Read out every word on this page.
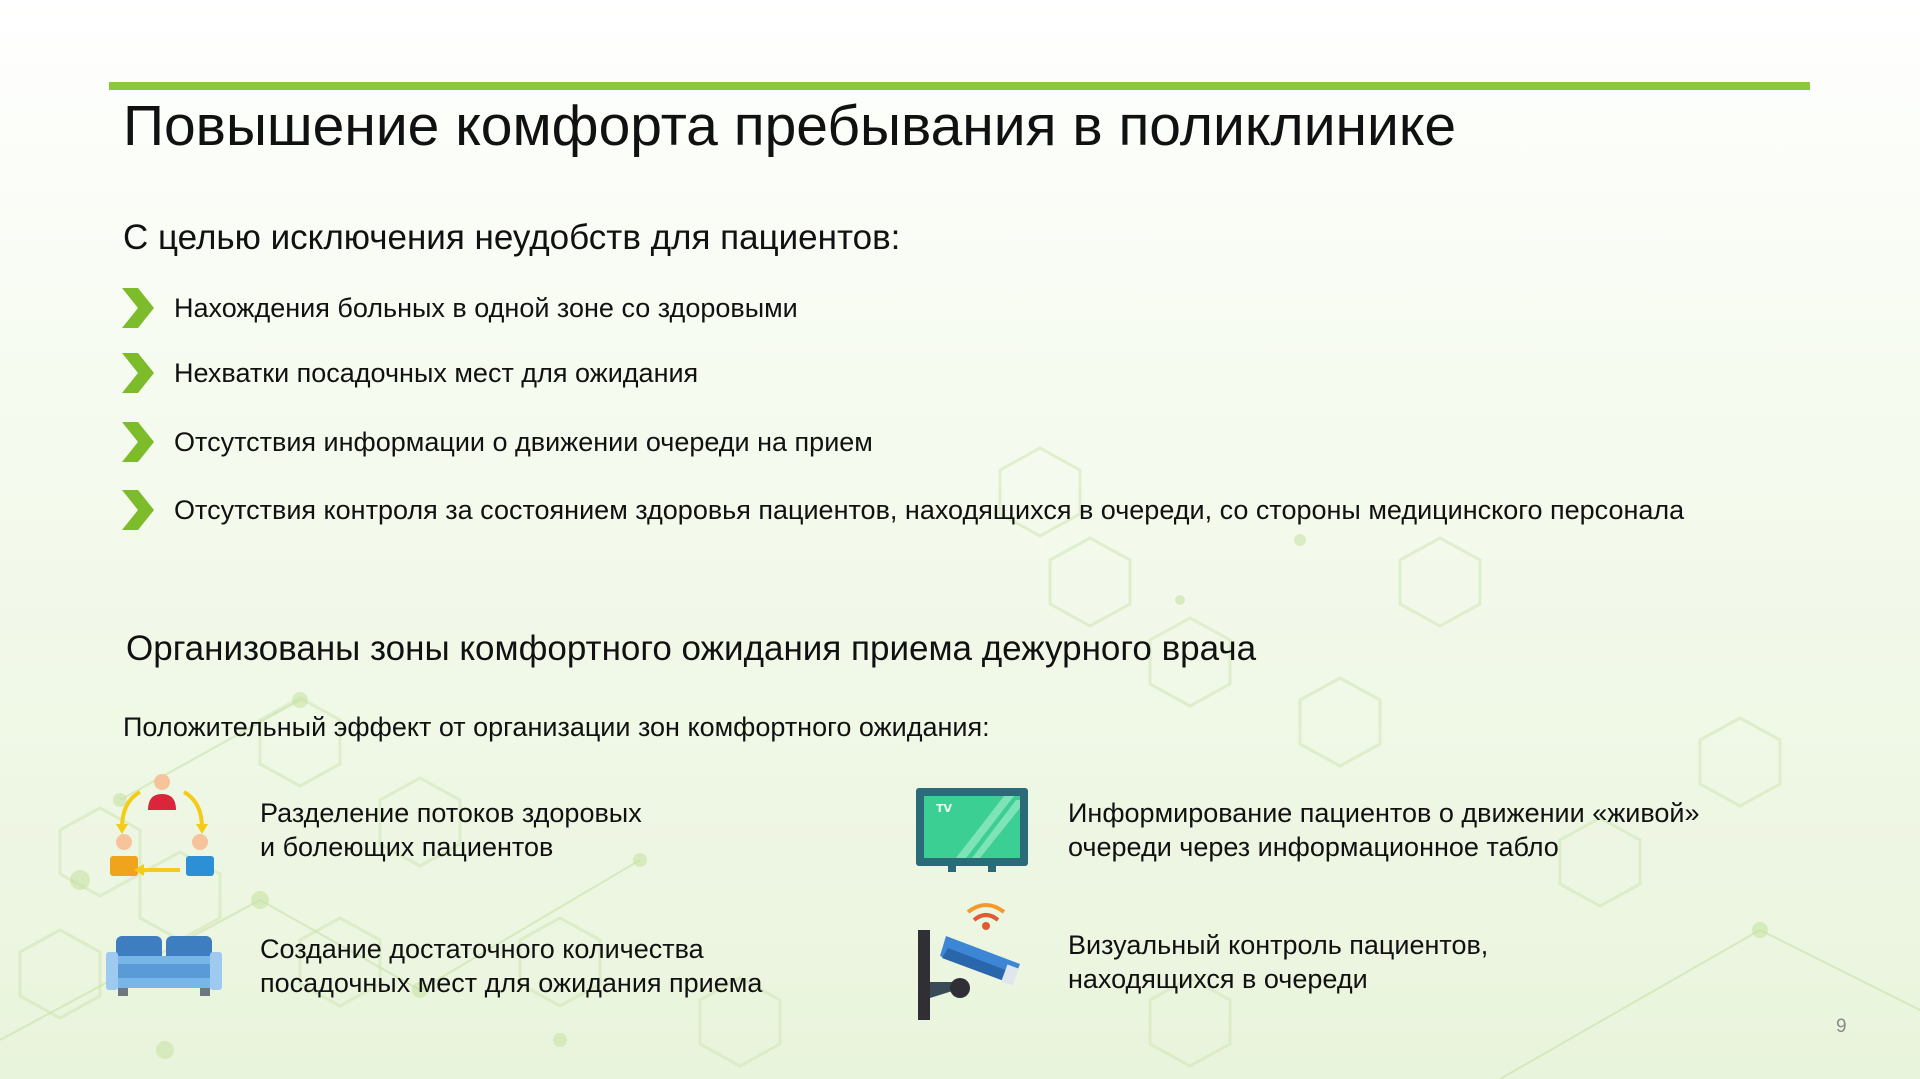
Повышение комфорта пребывания в поликлинике
С целью исключения неудобств для пациентов:
Нахождения больных в одной зоне со здоровыми
Нехватки посадочных мест для ожидания
Отсутствия информации о движении очереди на прием
Отсутствия контроля за состоянием здоровья пациентов, находящихся в очереди, со стороны медицинского персонала
Организованы зоны комфортного ожидания приема дежурного врача
Положительный эффект от организации зон комфортного ожидания:
Разделение потоков здоровых
и болеющих пациентов
TV	Информирование пациентов о движении «живой»
очереди через информационное табло
Создание достаточного количества
посадочных мест для ожидания приема
Визуальный контроль пациентов,
находящихся в очереди
9
